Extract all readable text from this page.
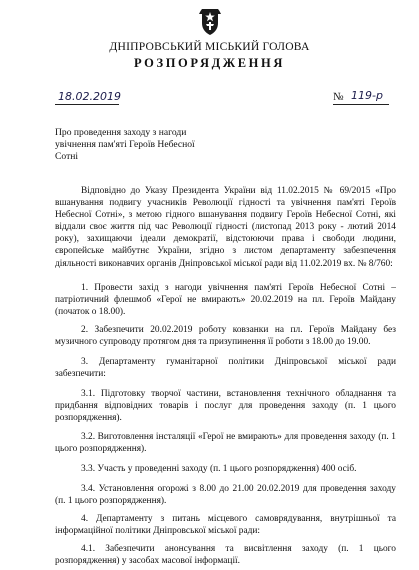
ДНІПРОВСЬКИЙ МІСЬКИЙ ГОЛОВА
РОЗПОРЯДЖЕННЯ
18.02.2019	№ 119-р
Про проведення заходу з нагоди увічнення пам'яті Героїв Небесної Сотні
Відповідно до Указу Президента України від 11.02.2015 № 69/2015 «Про вшанування подвигу учасників Революції гідності та увічнення пам'яті Героїв Небесної Сотні», з метою гідного вшанування подвигу Героїв Небесної Сотні, які віддали своє життя під час Революції гідності (листопад 2013 року - лютий 2014 року), захищаючи ідеали демократії, відстоюючи права і свободи людини, європейське майбутнє України, згідно з листом департаменту забезпечення діяльності виконавчих органів Дніпровської міської ради від 11.02.2019 вх. № 8/760:
1. Провести захід з нагоди увічнення пам'яті Героїв Небесної Сотні – патріотичний флешмоб «Герої не вмирають» 20.02.2019 на пл. Героїв Майдану (початок о 18.00).
2. Забезпечити 20.02.2019 роботу ковзанки на пл. Героїв Майдану без музичного супроводу протягом дня та призупинення її роботи з 18.00 до 19.00.
3. Департаменту гуманітарної політики Дніпровської міської ради забезпечити:
3.1. Підготовку творчої частини, встановлення технічного обладнання та придбання відповідних товарів і послуг для проведення заходу (п. 1 цього розпорядження).
3.2. Виготовлення інсталяції «Герої не вмирають» для проведення заходу (п. 1 цього розпорядження).
3.3. Участь у проведенні заходу (п. 1 цього розпорядження) 400 осіб.
3.4. Установлення огорожі з 8.00 до 21.00 20.02.2019 для проведення заходу (п. 1 цього розпорядження).
4. Департаменту з питань місцевого самоврядування, внутрішньої та інформаційної політики Дніпровської міської ради:
4.1. Забезпечити анонсування та висвітлення заходу (п. 1 цього розпорядження) у засобах масової інформації.
